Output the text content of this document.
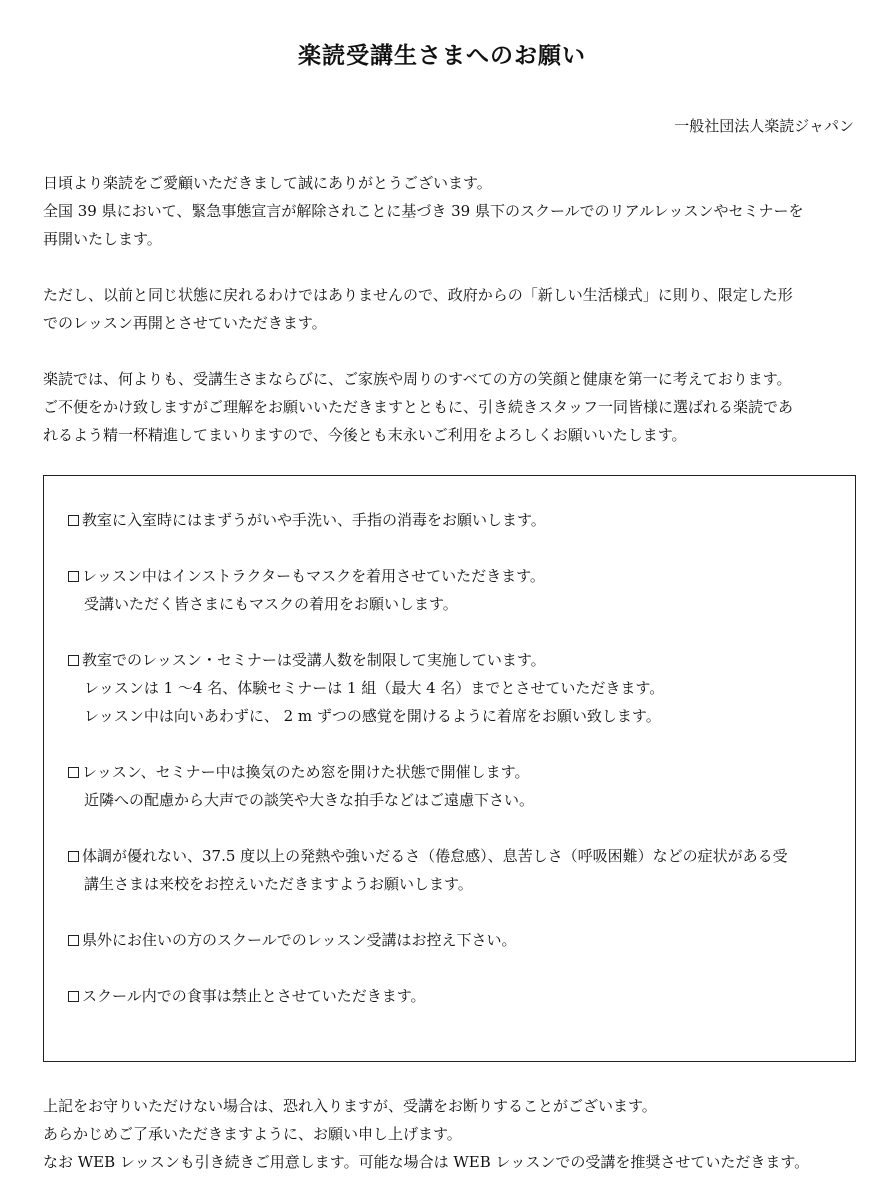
楽読受講生さまへのお願い
一般社団法人楽読ジャパン

日頃より楽読をご愛顧いただきまして誠にありがとうございます。

全国 39 県において、緊急事態宣言が解除されことに基づき 39 県下のスクールでのリアルレッスンやセミナーを

再開いたします。

ただし、以前と同じ状態に戻れるわけではありませんので、政府からの「新しい生活様式」に則り、限定した形

でのレッスン再開とさせていただきます。

楽読では、何よりも、受講生さまならびに、ご家族や周りのすべての方の笑顔と健康を第一に考えております。

ご不便をかけ致しますがご理解をお願いいただきますとともに、引き続きスタッフ一同皆様に選ばれる楽読であ

れるよう精一杯精進してまいりますので、今後とも末永いご利用をよろしくお願いいたします。

教室に入室時にはまずうがいや手洗い、手指の消毒をお願いします。

レッスン中はインストラクターもマスクを着用させていただきます。

受講いただく皆さまにもマスクの着用をお願いします。

教室でのレッスン・セミナーは受講人数を制限して実施しています。

レッスンは 1 〜4 名、体験セミナーは 1 組（最大 4 名）までとさせていただきます。

レッスン中は向いあわずに、 2 m ずつの感覚を開けるように着席をお願い致します。

レッスン、セミナー中は換気のため窓を開けた状態で開催します。

近隣への配慮から大声での談笑や大きな拍手などはご遠慮下さい。

体調が優れない、37.5 度以上の発熱や強いだるさ（倦怠感）、息苦しさ（呼吸困難）などの症状がある受

講生さまは来校をお控えいただきますようお願いします。

県外にお住いの方のスクールでのレッスン受講はお控え下さい。

スクール内での食事は禁止とさせていただきます。

上記をお守りいただけない場合は、恐れ入りますが、受講をお断りすることがございます。

あらかじめご了承いただきますように、お願い申し上げます。

なお WEB レッスンも引き続きご用意します。可能な場合は WEB レッスンでの受講を推奨させていただきます。
